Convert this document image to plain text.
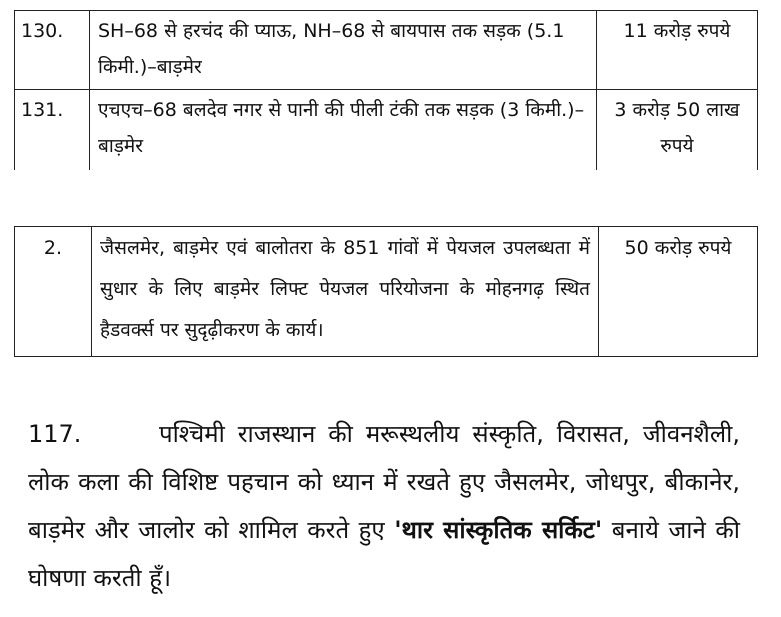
130.	SH–68 से हरचंद की प्याऊ, NH–68 से बायपास तक सड़क (5.1 किमी.)–बाड़मेर	11 करोड़ रुपये
131.	एचएच–68 बलदेव नगर से पानी की पीली टंकी तक सड़क (3 किमी.)–बाड़मेर	3 करोड़ 50 लाख रुपये
2.	जैसलमेर, बाड़मेर एवं बालोतरा के 851 गांवों में पेयजल उपलब्धता में सुधार के लिए बाड़मेर लिफ्ट पेयजल परियोजना के मोहनगढ़ स्थित हैडवर्क्स पर सुदृढ़ीकरण के कार्य।	50 करोड़ रुपये
117.	पश्चिमी राजस्थान की मरूस्थलीय संस्कृति, विरासत, जीवनशैली, लोक कला की विशिष्ट पहचान को ध्यान में रखते हुए जैसलमेर, जोधपुर, बीकानेर, बाड़मेर और जालोर को शामिल करते हुए 'थार सांस्कृतिक सर्किट' बनाये जाने की घोषणा करती हूँ।
